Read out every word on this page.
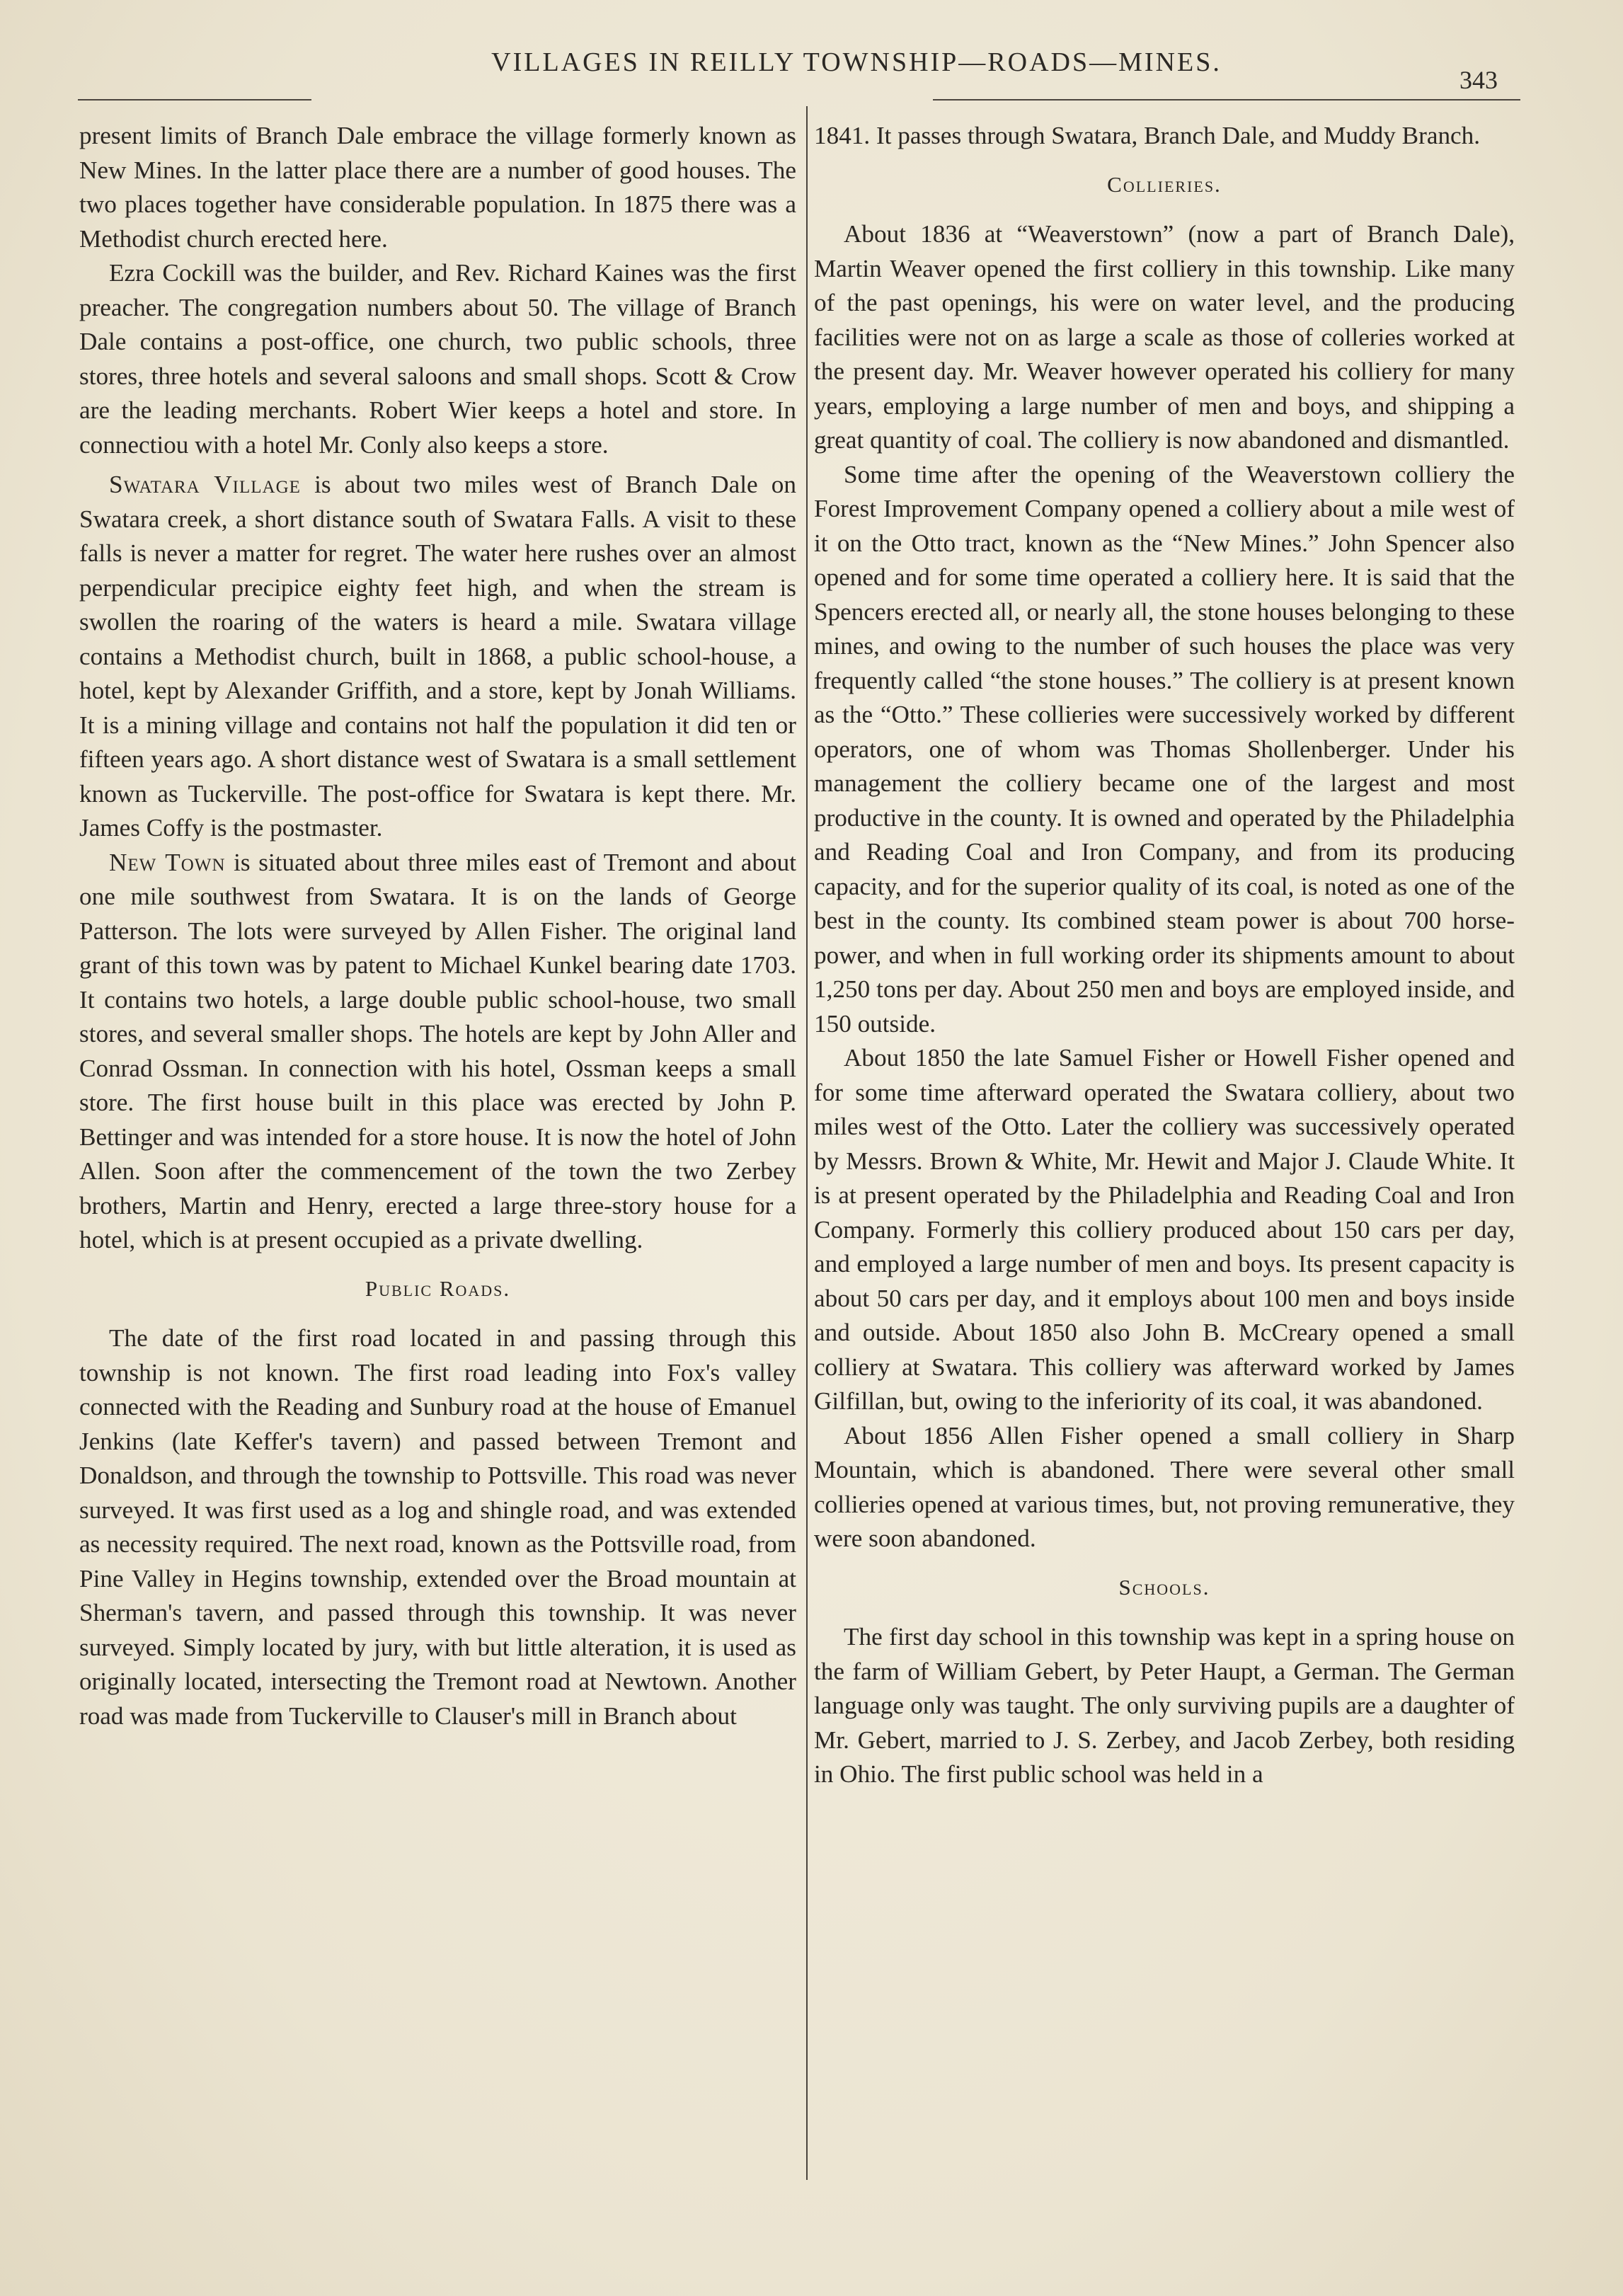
VILLAGES IN REILLY TOWNSHIP—ROADS—MINES.
343

present limits of Branch Dale embrace the village formerly known as New Mines. In the latter place there are a number of good houses. The two places together have considerable population. In 1875 there was a Methodist church erected here.

Ezra Cockill was the builder, and Rev. Richard Kaines was the first preacher. The congregation numbers about 50. The village of Branch Dale contains a post-office, one church, two public schools, three stores, three hotels and several saloons and small shops. Scott & Crow are the leading merchants. Robert Wier keeps a hotel and store. In connectiou with a hotel Mr. Conly also keeps a store.

Swatara Village is about two miles west of Branch Dale on Swatara creek, a short distance south of Swatara Falls. A visit to these falls is never a matter for regret. The water here rushes over an almost perpendicular precipice eighty feet high, and when the stream is swollen the roaring of the waters is heard a mile. Swatara village contains a Methodist church, built in 1868, a public school-house, a hotel, kept by Alexander Griffith, and a store, kept by Jonah Williams. It is a mining village and contains not half the population it did ten or fifteen years ago. A short distance west of Swatara is a small settlement known as Tuckerville. The post-office for Swatara is kept there. Mr. James Coffy is the postmaster.

New Town is situated about three miles east of Tremont and about one mile southwest from Swatara. It is on the lands of George Patterson. The lots were surveyed by Allen Fisher. The original land grant of this town was by patent to Michael Kunkel bearing date 1703. It contains two hotels, a large double public school-house, two small stores, and several smaller shops. The hotels are kept by John Aller and Conrad Ossman. In connection with his hotel, Ossman keeps a small store. The first house built in this place was erected by John P. Bettinger and was intended for a store house. It is now the hotel of John Allen. Soon after the commencement of the town the two Zerbey brothers, Martin and Henry, erected a large three-story house for a hotel, which is at present occupied as a private dwelling.

Public Roads.

The date of the first road located in and passing through this township is not known. The first road leading into Fox's valley connected with the Reading and Sunbury road at the house of Emanuel Jenkins (late Keffer's tavern) and passed between Tremont and Donaldson, and through the township to Pottsville. This road was never surveyed. It was first used as a log and shingle road, and was extended as necessity required. The next road, known as the Pottsville road, from Pine Valley in Hegins township, extended over the Broad mountain at Sherman's tavern, and passed through this township. It was never surveyed. Simply located by jury, with but little alteration, it is used as originally located, intersecting the Tremont road at Newtown. Another road was made from Tuckerville to Clauser's mill in Branch about

1841. It passes through Swatara, Branch Dale, and Muddy Branch.

Collieries.

About 1836 at “Weaverstown” (now a part of Branch Dale), Martin Weaver opened the first colliery in this township. Like many of the past openings, his were on water level, and the producing facilities were not on as large a scale as those of colleries worked at the present day. Mr. Weaver however operated his colliery for many years, employing a large number of men and boys, and shipping a great quantity of coal. The colliery is now abandoned and dismantled.

Some time after the opening of the Weaverstown colliery the Forest Improvement Company opened a colliery about a mile west of it on the Otto tract, known as the “New Mines.” John Spencer also opened and for some time operated a colliery here. It is said that the Spencers erected all, or nearly all, the stone houses belonging to these mines, and owing to the number of such houses the place was very frequently called “the stone houses.” The colliery is at present known as the “Otto.” These collieries were successively worked by different operators, one of whom was Thomas Shollenberger. Under his management the colliery became one of the largest and most productive in the county. It is owned and operated by the Philadelphia and Reading Coal and Iron Company, and from its producing capacity, and for the superior quality of its coal, is noted as one of the best in the county. Its combined steam power is about 700 horse-power, and when in full working order its shipments amount to about 1,250 tons per day. About 250 men and boys are employed inside, and 150 outside.

About 1850 the late Samuel Fisher or Howell Fisher opened and for some time afterward operated the Swatara colliery, about two miles west of the Otto. Later the colliery was successively operated by Messrs. Brown & White, Mr. Hewit and Major J. Claude White. It is at present operated by the Philadelphia and Reading Coal and Iron Company. Formerly this colliery produced about 150 cars per day, and employed a large number of men and boys. Its present capacity is about 50 cars per day, and it employs about 100 men and boys inside and outside. About 1850 also John B. McCreary opened a small colliery at Swatara. This colliery was afterward worked by James Gilfillan, but, owing to the inferiority of its coal, it was abandoned.

About 1856 Allen Fisher opened a small colliery in Sharp Mountain, which is abandoned. There were several other small collieries opened at various times, but, not proving remunerative, they were soon abandoned.

Schools.

The first day school in this township was kept in a spring house on the farm of William Gebert, by Peter Haupt, a German. The German language only was taught. The only surviving pupils are a daughter of Mr. Gebert, married to J. S. Zerbey, and Jacob Zerbey, both residing in Ohio. The first public school was held in a
